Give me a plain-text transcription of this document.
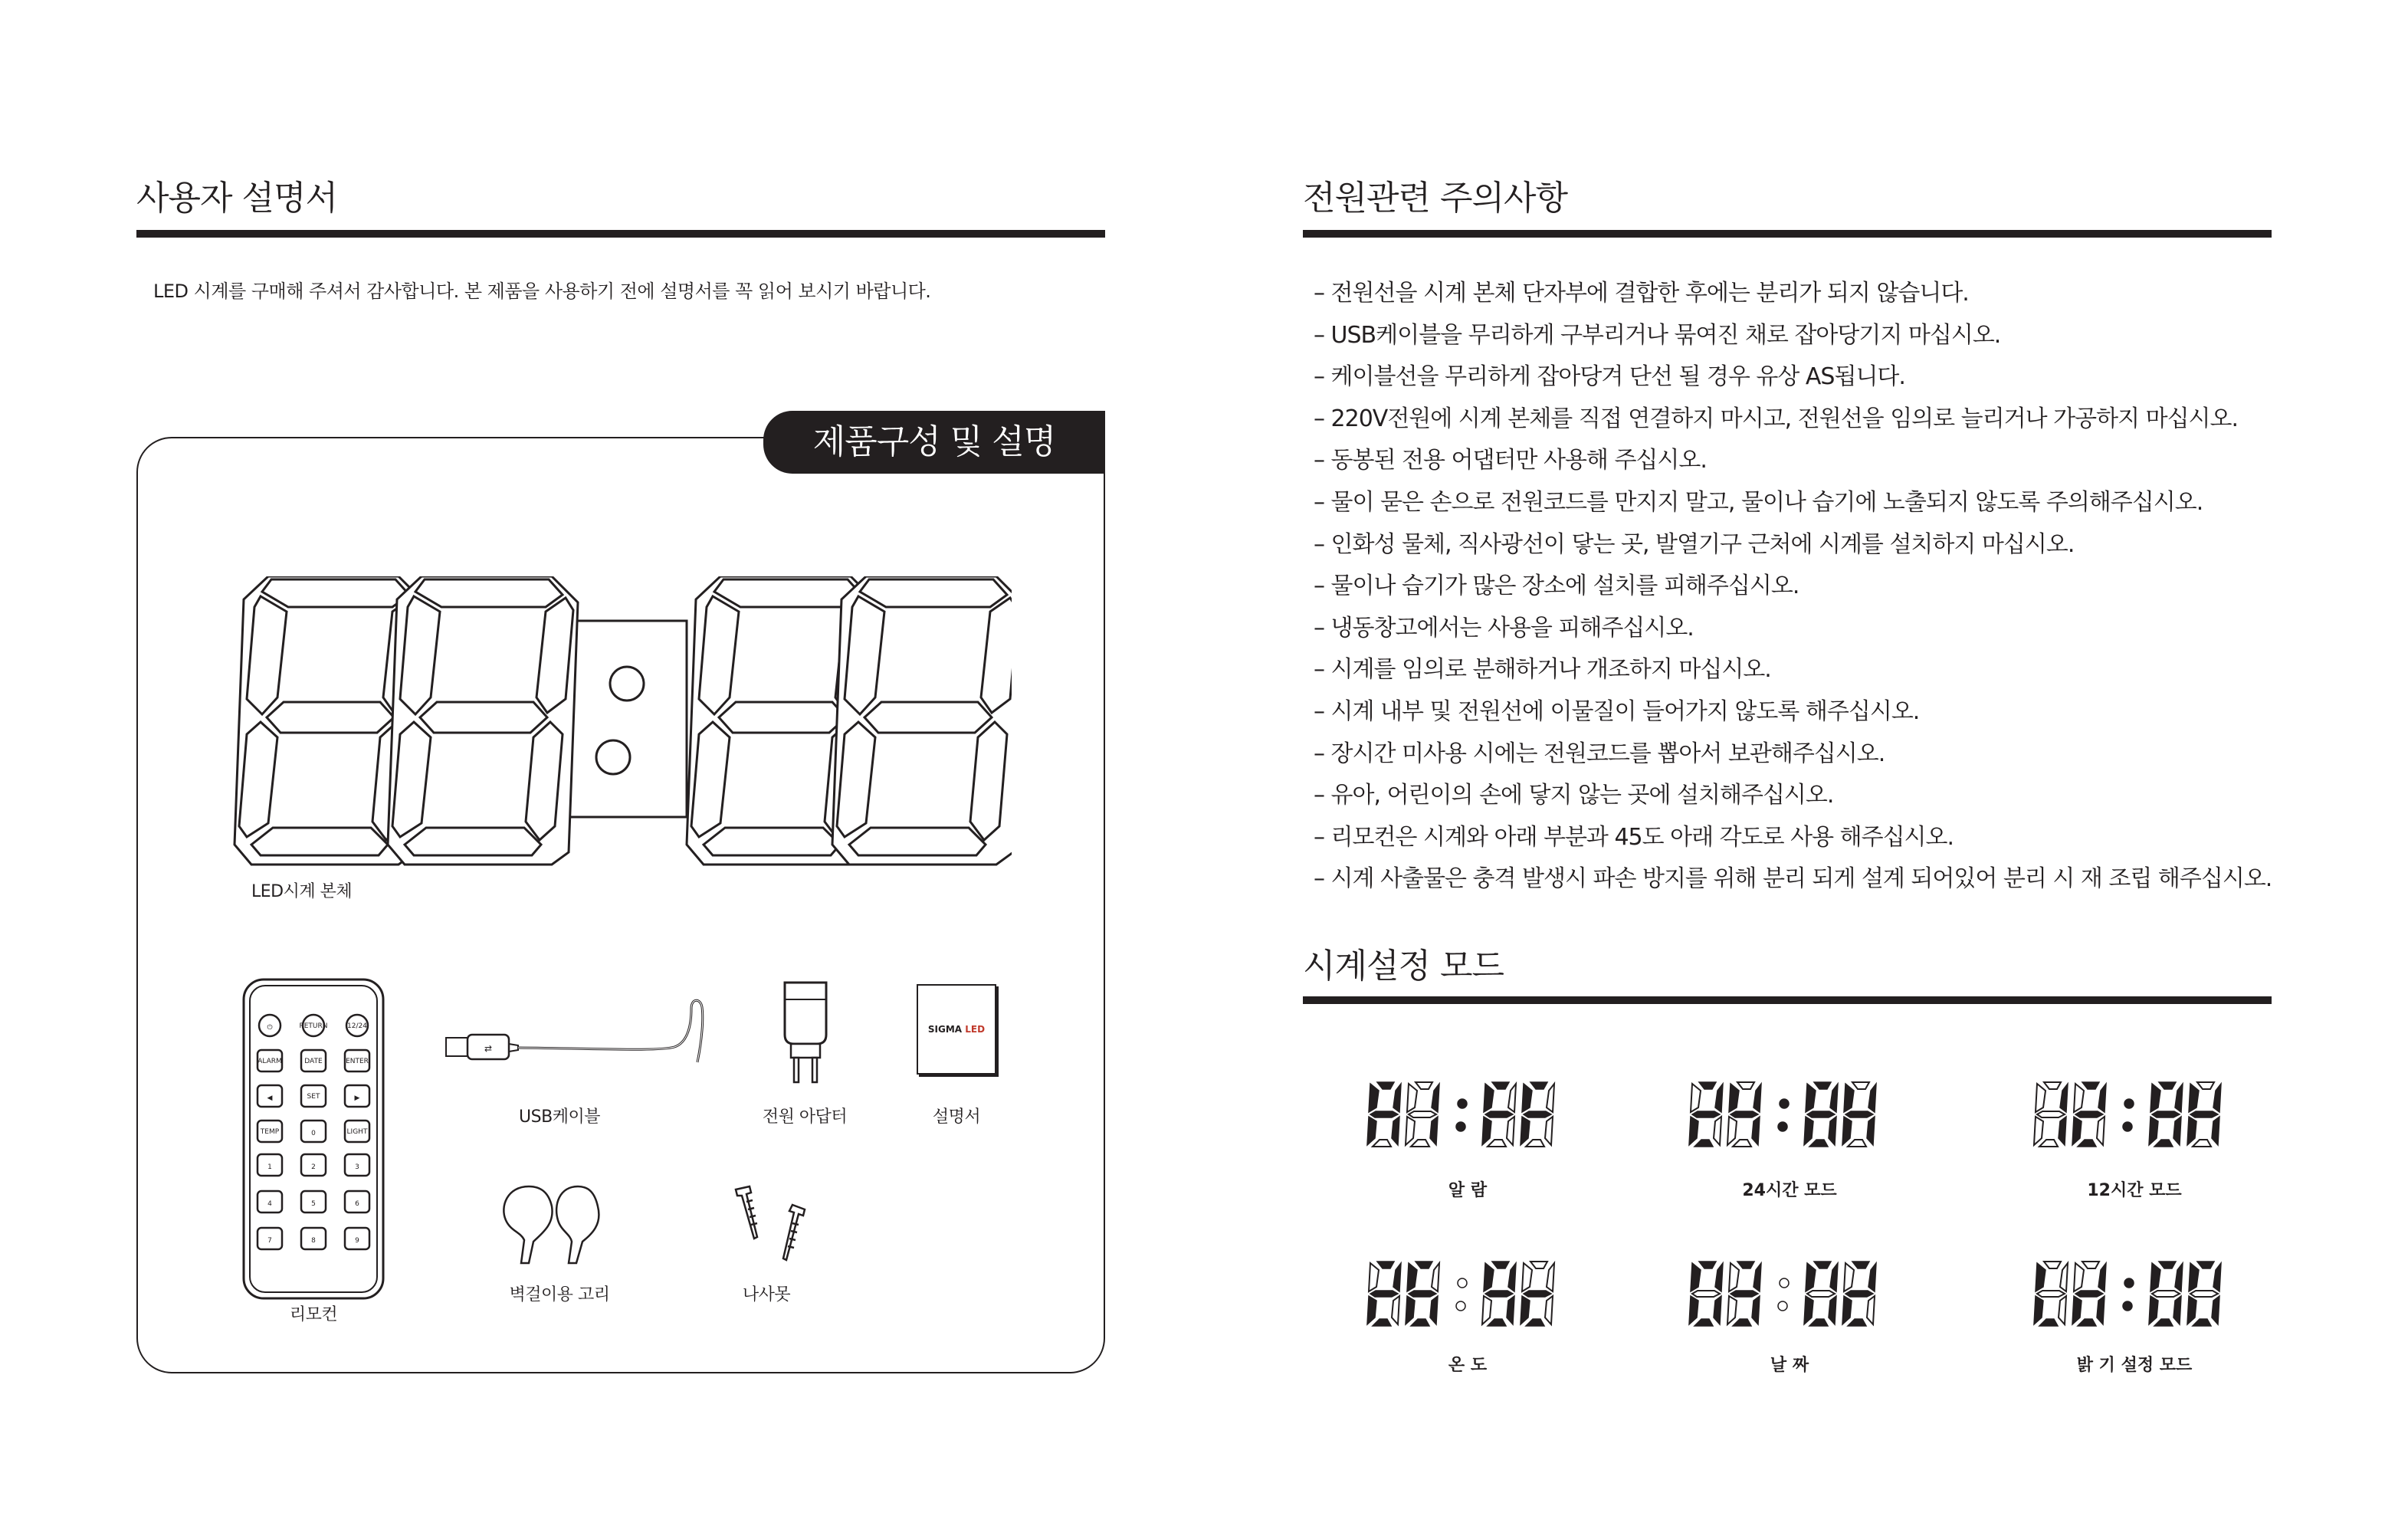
사용자 설명서
LED 시계를 구매해 주셔서 감사합니다. 본 제품을 사용하기 전에 설명서를 꼭 읽어 보시기 바랍니다.
제품구성 및 설명
LED시계 본체
⏻	RETURN	12/24
ALARM	DATE	ENTER
◀	SET	▶
TEMP	0	LIGHT
1	2	3
4	5	6
7	8	9
리모컨
⇄
USB케이블	전원 아답터
SIGMA LED
설명서
벽걸이용 고리	나사못
전원관련 주의사항
– 전원선을 시계 본체 단자부에 결합한 후에는 분리가 되지 않습니다.
– USB케이블을 무리하게 구부리거나 묶여진 채로 잡아당기지 마십시오.
– 케이블선을 무리하게 잡아당겨 단선 될 경우 유상 AS됩니다.
– 220V전원에 시계 본체를 직접 연결하지 마시고, 전원선을 임의로 늘리거나 가공하지 마십시오.
– 동봉된 전용 어댑터만 사용해 주십시오.
– 물이 묻은 손으로 전원코드를 만지지 말고, 물이나 습기에 노출되지 않도록 주의해주십시오.
– 인화성 물체, 직사광선이 닿는 곳, 발열기구 근처에 시계를 설치하지 마십시오.
– 물이나 습기가 많은 장소에 설치를 피해주십시오.
– 냉동창고에서는 사용을 피해주십시오.
– 시계를 임의로 분해하거나 개조하지 마십시오.
– 시계 내부 및 전원선에 이물질이 들어가지 않도록 해주십시오.
– 장시간 미사용 시에는 전원코드를 뽑아서 보관해주십시오.
– 유아, 어린이의 손에 닿지 않는 곳에 설치해주십시오.
– 리모컨은 시계와 아래 부분과 45도 아래 각도로 사용 해주십시오.
– 시계 사출물은 충격 발생시 파손 방지를 위해 분리 되게 설계 되어있어 분리 시 재 조립 해주십시오.
시계설정 모드
알 람	24시간 모드	12시간 모드
온 도	날 짜	밝 기 설정 모드
